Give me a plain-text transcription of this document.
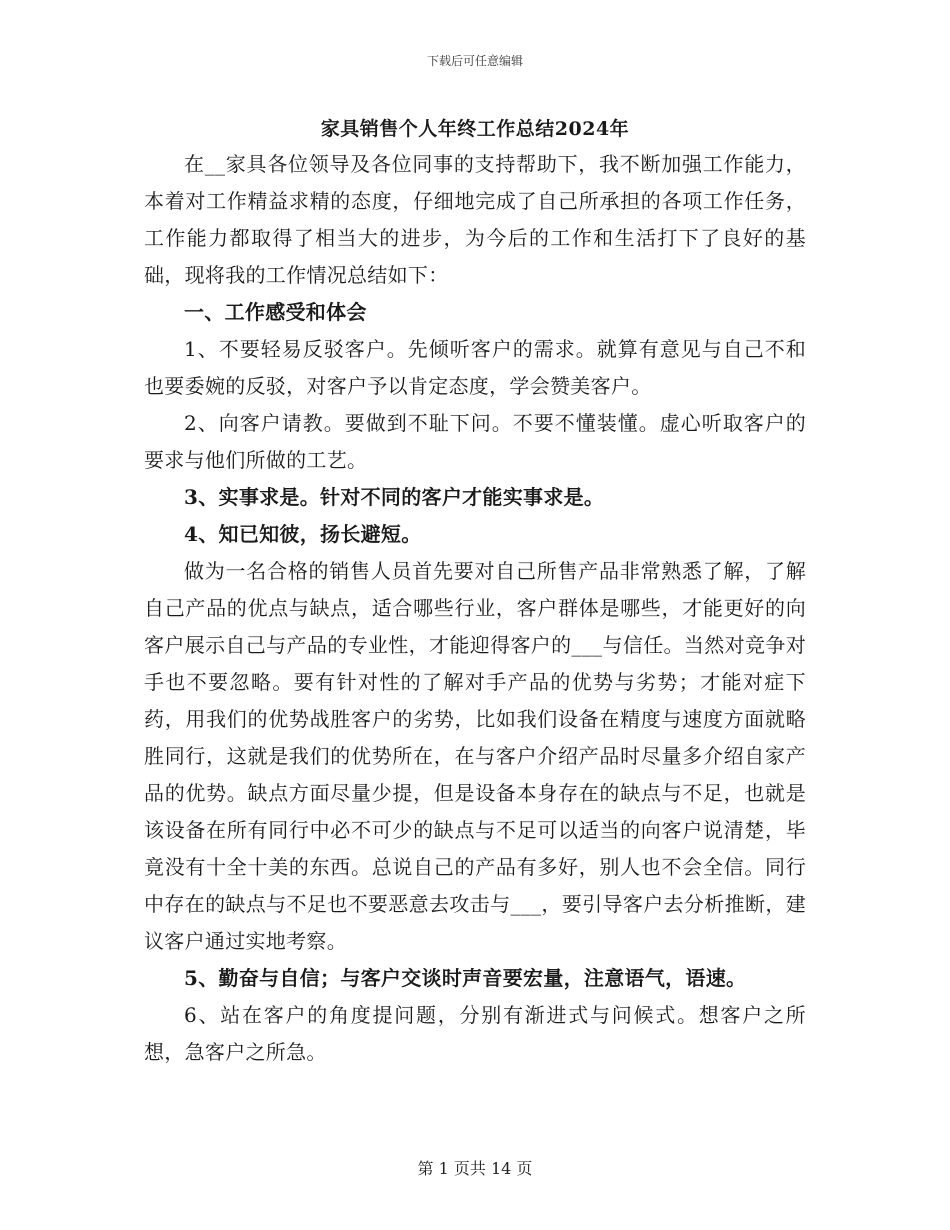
下载后可任意编辑
家具销售个人年终工作总结2024年

在__家具各位领导及各位同事的支持帮助下，我不断加强工作能力，本着对工作精益求精的态度，仔细地完成了自己所承担的各项工作任务，工作能力都取得了相当大的进步，为今后的工作和生活打下了良好的基础，现将我的工作情况总结如下：

一、工作感受和体会

1、不要轻易反驳客户。先倾听客户的需求。就算有意见与自己不和也要委婉的反驳，对客户予以肯定态度，学会赞美客户。

2、向客户请教。要做到不耻下问。不要不懂装懂。虚心听取客户的要求与他们所做的工艺。

3、实事求是。针对不同的客户才能实事求是。

4、知已知彼，扬长避短。

做为一名合格的销售人员首先要对自己所售产品非常熟悉了解，了解自己产品的优点与缺点，适合哪些行业，客户群体是哪些，才能更好的向客户展示自己与产品的专业性，才能迎得客户的___与信任。当然对竞争对手也不要忽略。要有针对性的了解对手产品的优势与劣势；才能对症下药，用我们的优势战胜客户的劣势，比如我们设备在精度与速度方面就略胜同行，这就是我们的优势所在，在与客户介绍产品时尽量多介绍自家产品的优势。缺点方面尽量少提，但是设备本身存在的缺点与不足，也就是该设备在所有同行中必不可少的缺点与不足可以适当的向客户说清楚，毕竟没有十全十美的东西。总说自己的产品有多好，别人也不会全信。同行中存在的缺点与不足也不要恶意去攻击与___，要引导客户去分析推断，建议客户通过实地考察。

5、勤奋与自信；与客户交谈时声音要宏量，注意语气，语速。

6、站在客户的角度提问题，分别有渐进式与问候式。想客户之所想，急客户之所急。

第 1 页共 14 页
